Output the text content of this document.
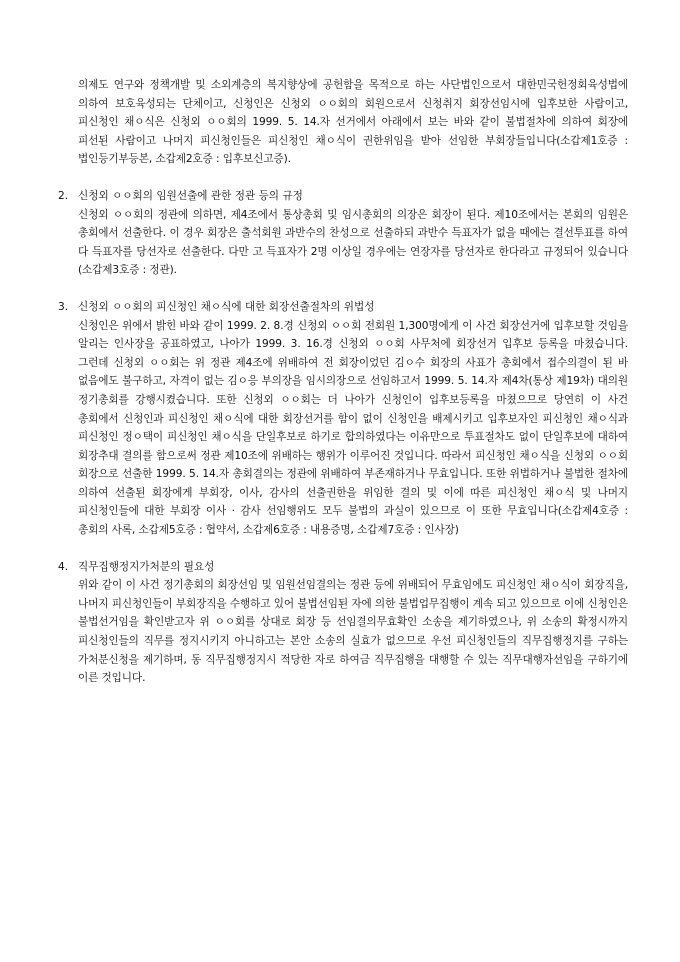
의제도 연구와 정책개발 및 소외계층의 복지향상에 공헌함을 목적으로 하는 사단법인으로서 대한민국헌정회육성법에 의하여 보호육성되는 단체이고, 신청인은 신청외 ㅇㅇ회의 회원으로서 신청취지 회장선임시에 입후보한 사람이고, 피신청인 채ㅇ식은 신청외 ㅇㅇ회의 1999. 5. 14.자 선거에서 아래에서 보는 바와 같이 불법절차에 의하여 회장에 피선된 사람이고 나머지 피신청인들은 피신청인 채ㅇ식이 권한위임을 받아 선임한 부회장들입니다(소갑제1호증 : 법인등기부등본, 소갑제2호증 : 입후보신고증).

2. 신청외 ㅇㅇ회의 임원선출에 관한 정관 등의 규정

신청외 ㅇㅇ회의 정관에 의하면, 제4조에서 통상총회 및 임시총회의 의장은 회장이 된다. 제10조에서는 본회의 임원은 총회에서 선출한다. 이 경우 회장은 출석회원 과반수의 찬성으로 선출하되 과반수 득표자가 없을 때에는 결선투표를 하여 다 득표자를 당선자로 선출한다. 다만 고 득표자가 2명 이상일 경우에는 연장자를 당선자로 한다라고 규정되어 있습니다(소갑제3호증 : 정관).

3. 신청외 ㅇㅇ회의 피신청인 채ㅇ식에 대한 회장선출절차의 위법성

신청인은 위에서 밝힌 바와 같이 1999. 2. 8.경 신청외 ㅇㅇ회 전회원 1,300명에게 이 사건 회장선거에 입후보할 것임을 알리는 인사장을 공표하였고, 나아가 1999. 3. 16.경 신청외 ㅇㅇ회 사무처에 회장선거 입후보 등록을 마쳤습니다. 그런데 신청외 ㅇㅇ회는 위 정관 제4조에 위배하여 전 회장이었던 김ㅇ수 회장의 사표가 총회에서 접수의결이 된 바 없음에도 불구하고, 자격이 없는 김ㅇ응 부의장을 임시의장으로 선임하고서 1999. 5. 14.자 제4차(통상 제19차) 대의원 정기총회를 강행시켰습니다. 또한 신청외 ㅇㅇ회는 더 나아가 신청인이 입후보등록을 마쳤으므로 당연히 이 사건 총회에서 신청인과 피신청인 채ㅇ식에 대한 회장선거를 함이 없이 신청인을 배제시키고 입후보자인 피신청인 채ㅇ식과 피신청인 정ㅇ택이 피신청인 채ㅇ식을 단일후보로 하기로 합의하였다는 이유만으로 투표절차도 없이 단일후보에 대하여 회장추대 결의를 함으로써 정관 제10조에 위배하는 행위가 이루어진 것입니다. 따라서 피신청인 채ㅇ식을 신청외 ㅇㅇ회 회장으로 선출한 1999. 5. 14.자 총회결의는 정관에 위배하여 부존재하거나 무효입니다. 또한 위법하거나 불법한 절차에 의하여 선출된 회장에게 부회장, 이사, 감사의 선출권한을 위임한 결의 및 이에 따른 피신청인 채ㅇ식 및 나머지 피신청인들에 대한 부회장 이사 · 감사 선임행위도 모두 불법의 과실이 있으므로 이 또한 무효입니다(소갑제4호증 : 총회의 사록, 소갑제5호증 : 협약서, 소갑제6호증 : 내용증명, 소갑제7호증 : 인사장)

4. 직무집행정지가처분의 필요성

위와 같이 이 사건 정기총회의 회장선임 및 임원선임결의는 정관 등에 위배되어 무효임에도 피신청인 채ㅇ식이 회장직을, 나머지 피신청인들이 부회장직을 수행하고 있어 불법선임된 자에 의한 불법업무집행이 계속 되고 있으므로 이에 신청인은 불법선거임을 확인받고자 위 ㅇㅇ회를 상대로 회장 등 선임결의무효확인 소송을 제기하였으나, 위 소송의 확정시까지 피신청인들의 직무를 정지시키지 아니하고는 본안 소송의 실효가 없으므로 우선 피신청인들의 직무집행정지를 구하는 가처분신청을 제기하며, 동 직무집행정지시 적당한 자로 하여금 직무집행을 대행할 수 있는 직무대행자선임을 구하기에 이른 것입니다.
